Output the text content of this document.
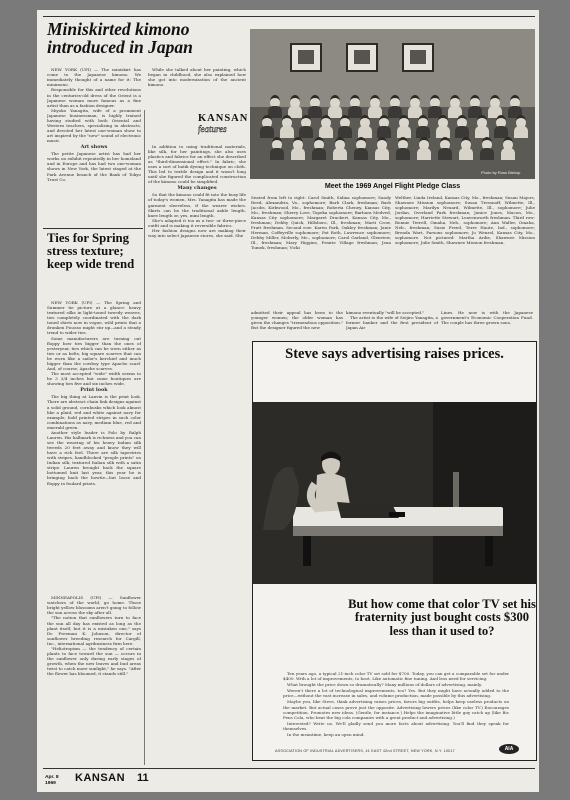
Miniskirted kimono introduced in Japan

NEW YORK (UPI) — The miniskirt has come to the Japanese kimono. We immediately thought of a name for it: The minimono.

Responsible for this and other revolutions in the centuries-old dress of the Orient is a Japanese woman more famous as a fine artist than as a fashion designer.

Miyoko Yanagita, wife of a prominent Japanese businessman, is highly trained having studied with both Oriental and Western teachers, specializing in abstracts, and devoted her latest one-woman show to art inspired by the "new" sound of electronic music.

Art shows

The petite Japanese artist has had her works on exhibit repeatedly in her homeland and in Europe and has had two one-woman shows in New York, the latest staged at the Park Avenue branch of the Bank of Tokyo Trust Co.

While she talked about her painting, which began in childhood, she also explained how she got into modernization of the ancient kimono.

KANSAN
features

In addition to using traditional materials, like silk, for her paintings, she also uses plastics and fabrics for an effect she described as "third-dimensional effect." In fabric, she uses a sort of batik dyeing technique on cloth. This led to textile design and it wasn't long until she figured the complicated construction of the kimono could be simplified.

Many changes

So that the kimono could fit into the busy life of today's women, Mrs. Yanagita has made the garment sleeveless, if the wearer wishes. Skirts can be the traditional ankle length, knee length or, yes, mini length.

She's adapted it too as a two- or three-piece outfit and is making it reversible fabrics.

Her fashion designs now are making their way into select Japanese stores, she said. She

admitted their appeal has been to the younger women; the older woman has given the changes "tremendous opposition." But the designer figured the new

kimono eventually "will be accepted."

The artist is the wife of Seijiro Yanagita, a former banker and the first president of Japan Air

Lines. He now is with the Japanese government's Economic Cooperation Fund. The couple has three grown sons.

Ties for Spring stress texture; keep wide trend

NEW YORK (UPI) — The Spring and Summer tie picture at a glance: heavy textured silks in light-toned tweedy weaves, ties completely coordinated with the dark toned shirts now in vogue, wild prints that a drunken Picasso might stir up—and a steady trend to wider ties.

Some manufacturers are turning out floppy bow ties bigger than the ones of yesteryear, ties which can be worn either as ties or as belts, big square scarves that can be worn like a sailor's kerchief and much bigger than the cowboy type Apache scarf. And, of course, Apache scarves.

The most accepted "wide" width seems to be 3 3/4 inches but some boutiques are showing ties five and six inches wide.

Print look

The big thing at Lanvin is the print look. There are abstract chain link designs against a solid ground, cornhusks which look almost like a plaid, red and white against navy for example, bold printed stripes in such color combinations as navy, medium blue, red and emerald green.

Another style leader is Polo by Ralph Lauren. His hallmark is richness and you can see the weaving of his heavy Indian silk tweeds 20 feet away and know they will have a rich feel. There are silk tapestries with stripes, handblocked "people prints" on Indian silk, textured Italian silk with a satin stripe. Lauren brought back the square bottomed knit last year, this year he is bringing back the bowtie—but loose and floppy in foulard prints.

MINNEAPOLIS (UPI) — Sunflower watchers of the world, go home. Those bright yellow blossoms aren't going to follow the sun across the sky after all.

"The notion that sunflowers turn to face the sun all day has existed as long as the plant itself, but it is a mistaken one," says Dr. Freeman K. Johnson, director of sunflower breeding research for Cargill, Inc., international agribusiness firm here.

"Heliotropism — the tendency of certain plants to face toward the sun — occurs in the sunflower only during early stages of growth, when the new leaves and bud areas twist to catch more sunlight," he says. "After the flower has bloomed, it stands still."

Photo by Ross Bishop
Meet the 1969 Angel Flight Pledge Class

Seated from left to right: Carol Smith, Salina sophomore; Sandy Reed, Alexandria, Va., sophomore; Barb Clark, freshman; Barb Jacobs, Kirkwood, Mo., freshman; Roberta Cheney, Kansas City, Mo., freshman; Sherry Love, Topeka sophomore; Barbara Medved, Kansas City sophomore; Margaret Drackert, Kansas City, Mo., freshman; Debby Quick, Hillsboro, Ill., freshman; Marti Crow, Pratt freshman. Second row: Karen Park, Oakley freshman; Janie Herman, Coffeyville sophomore; Pat Roth, Lawrence sophomore; Debby Miller, Moberly, Mo., sophomore; Carol Garland, Glenview, Ill., freshman; Mary Higgins, Prairie Village freshman; Jean Tomek, freshman; Vicki

Welther, Linda Ireland, Kansas City, Mo., freshman; Susan Majors, Shawnee Mission sophomore; Susan Tressnoff, Wilmette, Ill., sophomore; Marilyn Neuard, Wilmette, Ill., sophomore; Julie Jordan, Overland Park freshman; Janice Jones, Macon, Mo., sophomore; Harriette Stewart, Leavenworth freshman. Third row: Bonnie Terrell, Omaha, Neb., sophomore; Ann Waller, Omaha, Neb., freshman; Susie Freed, Terre Haute, Ind., sophomore; Brenda Wart, Parsons sophomore; Jo Wenzel, Kansas City, Mo., sophomore. Not pictured: Martha Ardie, Shawnee Mission sophomore; Julie Smith, Shawnee Mission freshman.

Steve says advertising raises prices.
But how come that color TV set his fraternity just bought costs $300 less than it used to?

Ten years ago, a typical 21-inch color TV set sold for $700. Today, you can get a comparable set for under $400. With a lot of improvements, to boot. Like automatic fine tuning. And less need for servicing.

What brought the price down so dramatically? Many millions of dollars of advertising, mainly.

Weren't there a lot of technological improvements, too? Yes. But they might have actually added to the price—without the vast increase in sales, and volume production, made possible by this advertising.

Maybe you, like Steve, think advertising raises prices, favors big outfits, helps keep useless products on the market. But actual cases prove just the opposite. Advertising lowers prices (like color TV.) Encourages competition. Promotes new ideas. (Gentle, for instance.) Helps the imaginative little guy catch up (like Bic Pens Cola, who beat the big cola companies with a great product and advertising.)

Interested? Write us. We'll gladly send you more facts about advertising. You'll find they speak for themselves.

In the meantime, keep an open mind.

ASSOCIATION OF INDUSTRIAL ADVERTISERS, 41 EAST 42nd STREET, NEW YORK, N.Y. 10017	AIA
Apr. 8
1969 KANSAN 11
